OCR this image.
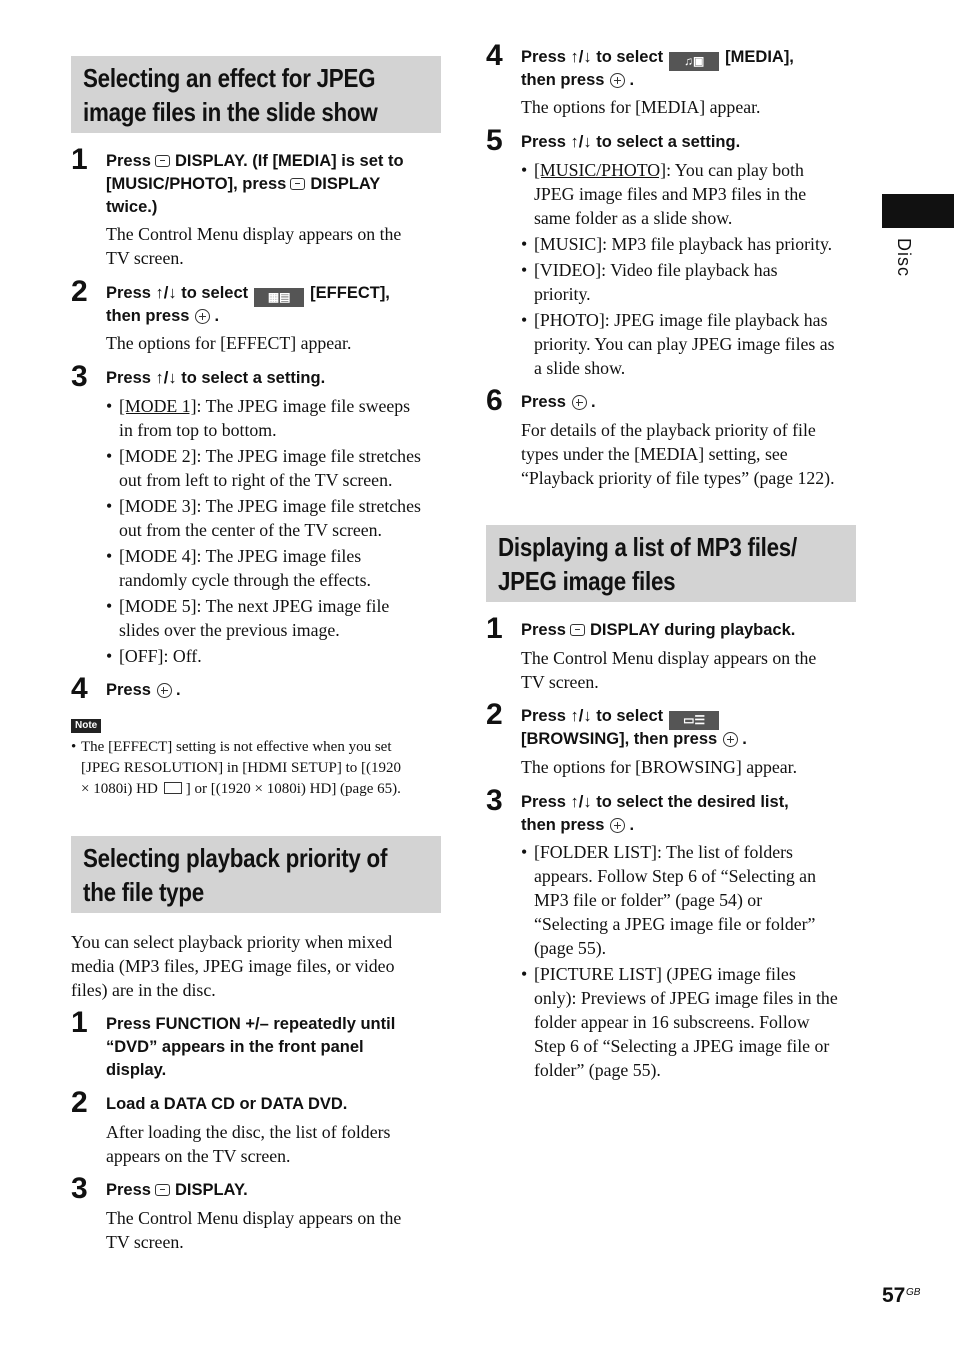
Selecting an effect for JPEG
image files in the slide show
1 Press DISPLAY. (If [MEDIA] is set to
[MUSIC/PHOTO], press DISPLAY
twice.)
The Control Menu display appears on the
TV screen.
2 Press ↑/↓ to select ▦▤ [EFFECT],
then press .
The options for [EFFECT] appear.
3 Press ↑/↓ to select a setting.
• [MODE 1]: The JPEG image file sweeps
in from top to bottom.
• [MODE 2]: The JPEG image file stretches
out from left to right of the TV screen.
• [MODE 3]: The JPEG image file stretches
out from the center of the TV screen.
• [MODE 4]: The JPEG image files
randomly cycle through the effects.
• [MODE 5]: The next JPEG image file
slides over the previous image.
• [OFF]: Off.
4 Press .
Note
• The [EFFECT] setting is not effective when you set
[JPEG RESOLUTION] in [HDMI SETUP] to [(1920
× 1080i) HD ] or [(1920 × 1080i) HD] (page 65).
Selecting playback priority of
the file type
You can select playback priority when mixed
media (MP3 files, JPEG image files, or video
files) are in the disc.
1 Press FUNCTION +/– repeatedly until
“DVD” appears in the front panel
display.
2 Load a DATA CD or DATA DVD.
After loading the disc, the list of folders
appears on the TV screen.
3 Press DISPLAY.
The Control Menu display appears on the
TV screen.
4 Press ↑/↓ to select ♫▣ [MEDIA],
then press .
The options for [MEDIA] appear.
5 Press ↑/↓ to select a setting.
• [MUSIC/PHOTO]: You can play both
JPEG image files and MP3 files in the
same folder as a slide show.
• [MUSIC]: MP3 file playback has priority.
• [VIDEO]: Video file playback has
priority.
• [PHOTO]: JPEG image file playback has
priority. You can play JPEG image files as
a slide show.
6 Press .
For details of the playback priority of file
types under the [MEDIA] setting, see
“Playback priority of file types” (page 122).
Displaying a list of MP3 files/
JPEG image files
1 Press DISPLAY during playback.
The Control Menu display appears on the
TV screen.
2 Press ↑/↓ to select ▭☰
[BROWSING], then press .
The options for [BROWSING] appear.
3 Press ↑/↓ to select the desired list,
then press .
• [FOLDER LIST]: The list of folders
appears. Follow Step 6 of “Selecting an
MP3 file or folder” (page 54) or
“Selecting a JPEG image file or folder”
(page 55).
• [PICTURE LIST] (JPEG image files
only): Previews of JPEG image files in the
folder appear in 16 subscreens. Follow
Step 6 of “Selecting a JPEG image file or
folder” (page 55).
Disc
57 GB
